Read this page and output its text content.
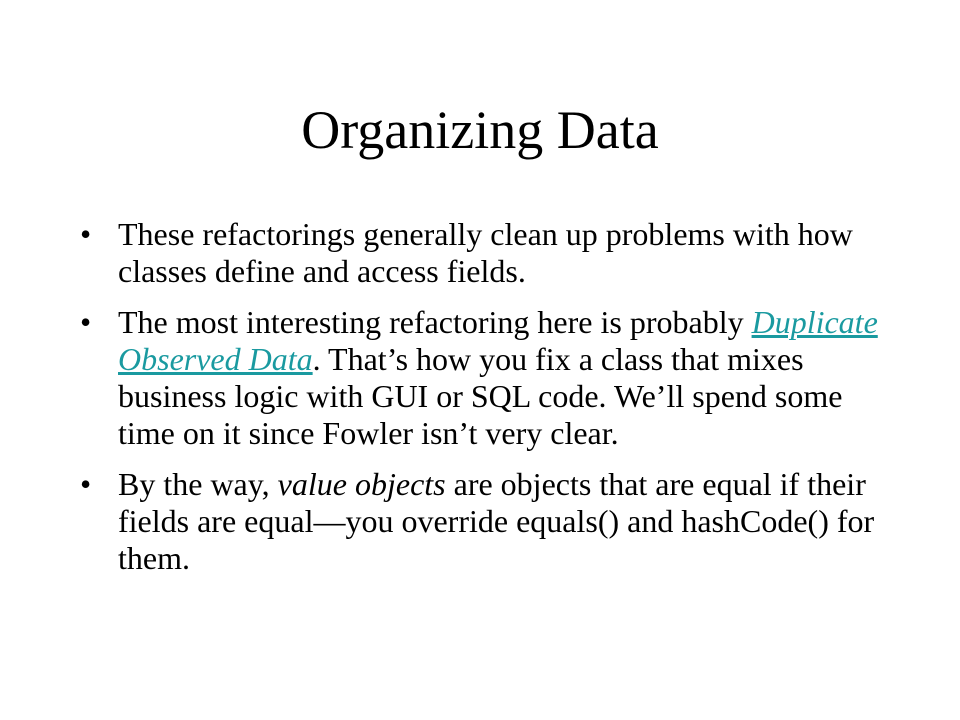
Organizing Data
• These refactorings generally clean up problems with how classes define and access fields.
• The most interesting refactoring here is probably Duplicate Observed Data. That’s how you fix a class that mixes business logic with GUI or SQL code. We’ll spend some time on it since Fowler isn’t very clear.
• By the way, value objects are objects that are equal if their fields are equal—you override equals() and hashCode() for them.
